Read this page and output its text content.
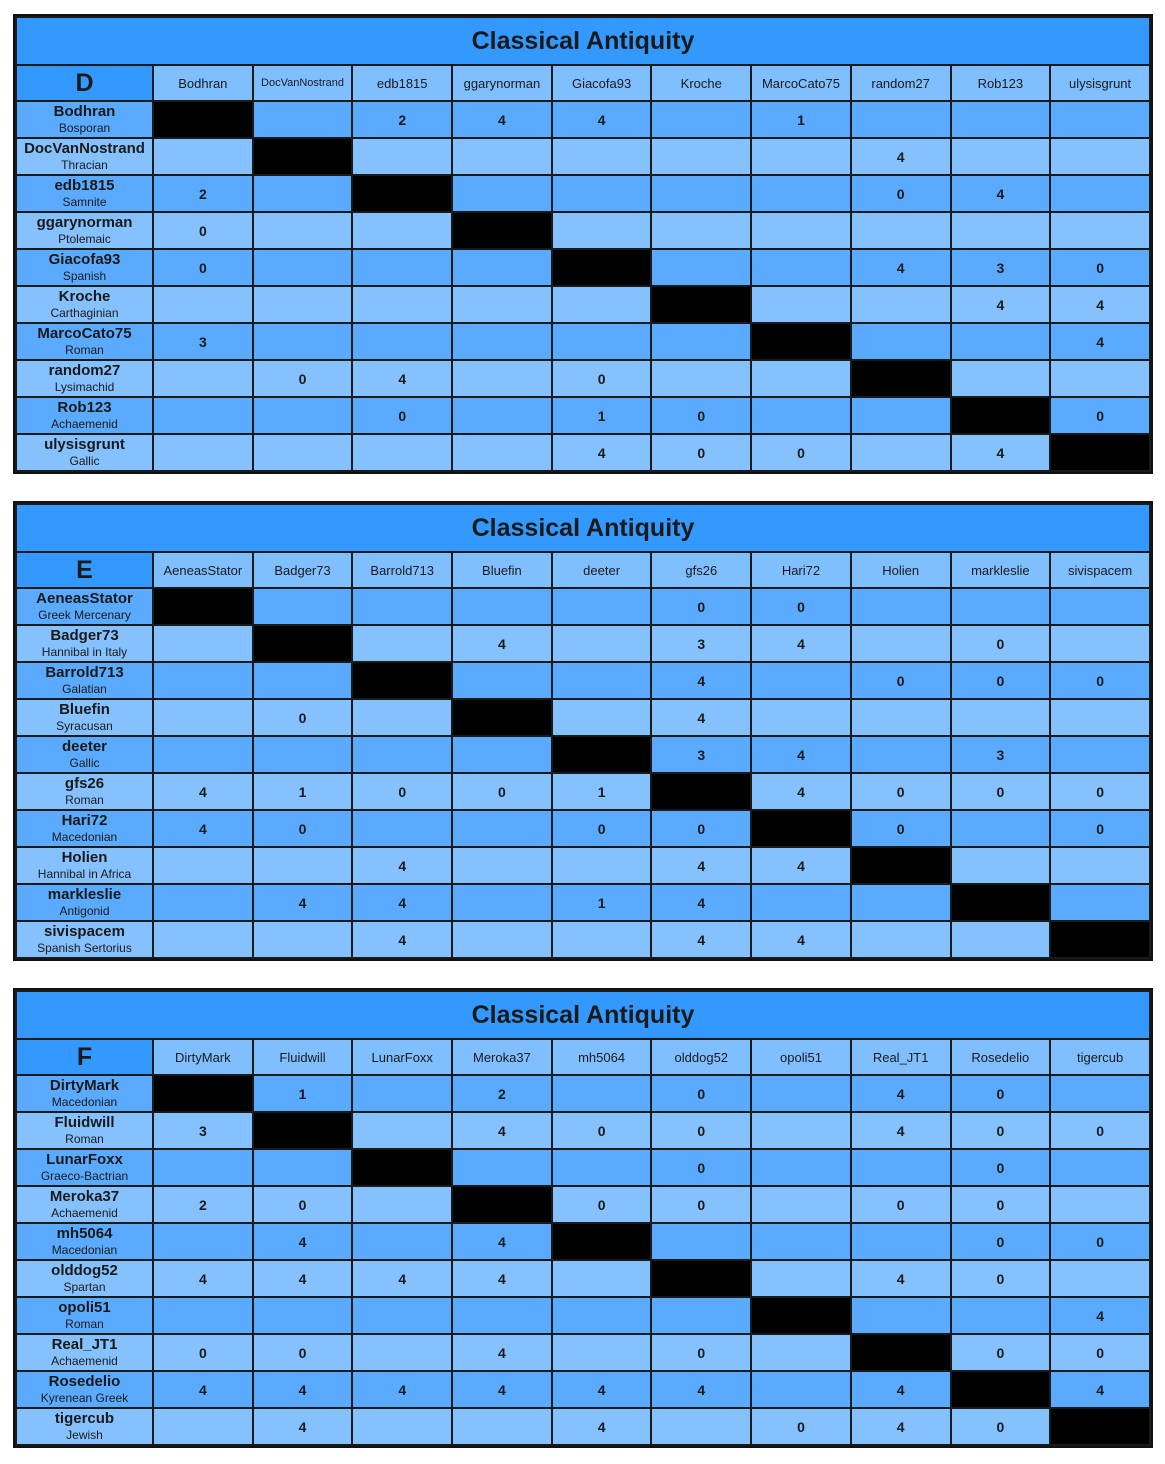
Classical Antiquity										
D	Bodhran	DocVanNostrand	edb1815	ggarynorman	Giacofa93	Kroche	MarcoCato75	random27	Rob123	ulysisgrunt

Bodhran
Bosporan			2	4	4		1			

DocVanNostrand
Thracian								4		

edb1815
Samnite	2							0	4	

ggarynorman
Ptolemaic	0									

Giacofa93
Spanish	0							4	3	0

Kroche
Carthaginian									4	4

MarcoCato75
Roman	3									4

random27
Lysimachid		0	4		0					

Rob123
Achaemenid			0		1	0				0

ulysisgrunt
Gallic					4	0	0		4	
Classical Antiquity										
E	AeneasStator	Badger73	Barrold713	Bluefin	deeter	gfs26	Hari72	Holien	markleslie	sivispacem

AeneasStator
Greek Mercenary						0	0			

Badger73
Hannibal in Italy				4		3	4		0	

Barrold713
Galatian						4		0	0	0

Bluefin
Syracusan		0				4				

deeter
Gallic						3	4		3	

gfs26
Roman	4	1	0	0	1		4	0	0	0

Hari72
Macedonian	4	0			0	0		0		0

Holien
Hannibal in Africa			4			4	4			

markleslie
Antigonid		4	4		1	4				

sivispacem
Spanish Sertorius			4			4	4			
Classical Antiquity										
F	DirtyMark	Fluidwill	LunarFoxx	Meroka37	mh5064	olddog52	opoli51	Real_JT1	Rosedelio	tigercub

DirtyMark
Macedonian		1		2		0		4	0	

Fluidwill
Roman	3			4	0	0		4	0	0

LunarFoxx
Graeco-Bactrian						0			0	

Meroka37
Achaemenid	2	0			0	0		0	0	

mh5064
Macedonian		4		4					0	0

olddog52
Spartan	4	4	4	4				4	0	

opoli51
Roman										4

Real_JT1
Achaemenid	0	0		4		0			0	0

Rosedelio
Kyrenean Greek	4	4	4	4	4	4		4		4

tigercub
Jewish		4			4		0	4	0	
